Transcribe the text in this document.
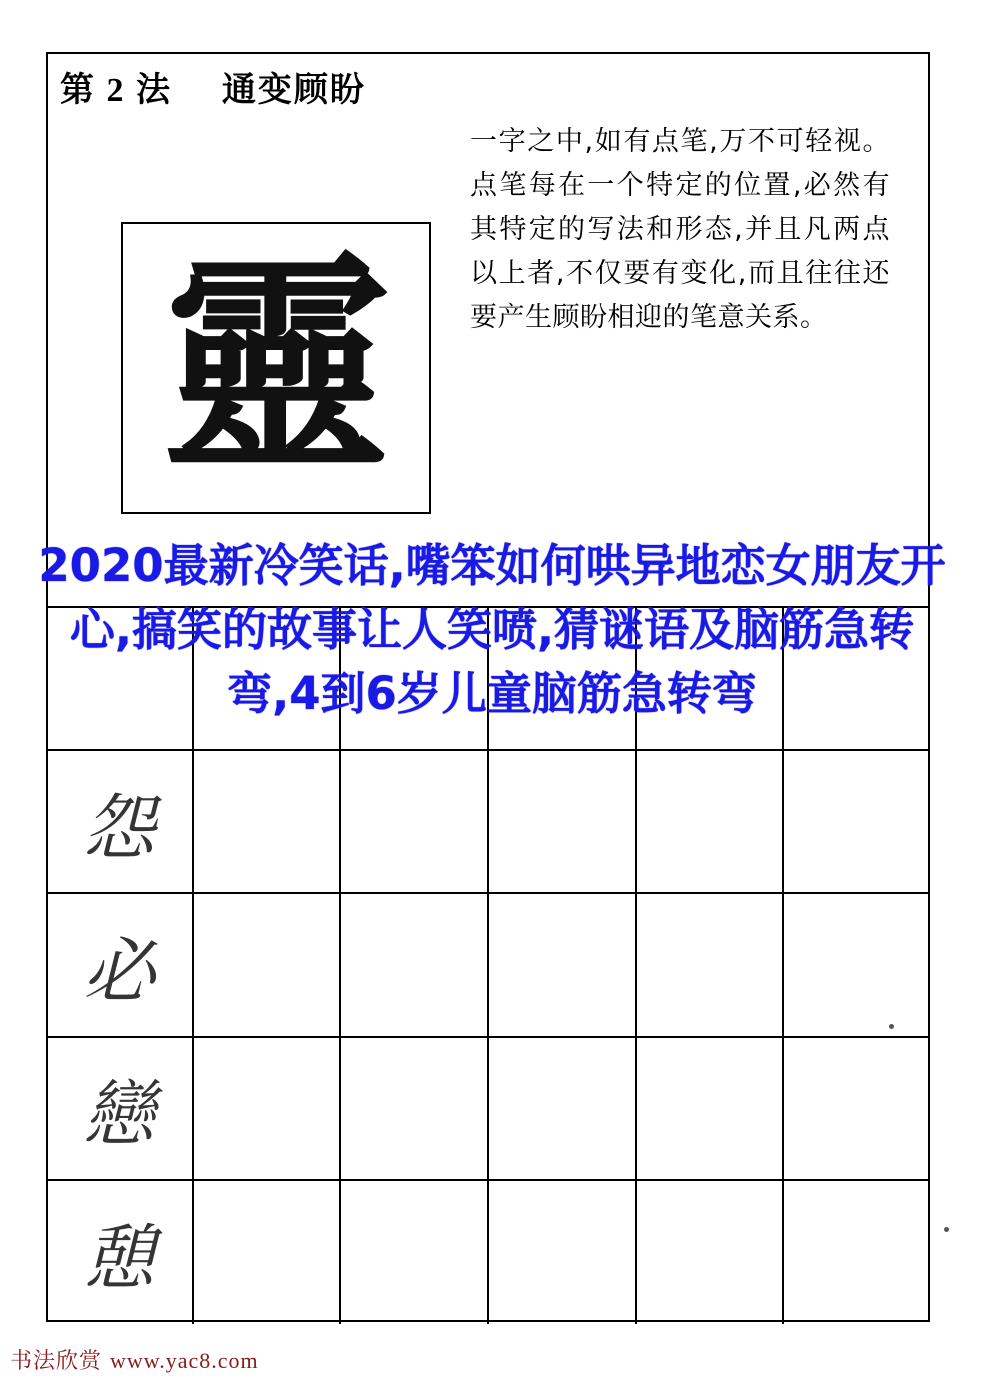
第 2 法 通变顾盼
一字之中,如有点笔,万不可轻视。点笔每在一个特定的位置,必然有其特定的写法和形态,并且凡两点以上者,不仅要有变化,而且往往还要产生顾盼相迎的笔意关系。
靈
怨
必
戀
憩
2020最新冷笑话,嘴笨如何哄异地恋女朋友开心,搞笑的故事让人笑喷,猜谜语及脑筋急转弯,4到6岁儿童脑筋急转弯
书法欣赏 www.yac8.com
